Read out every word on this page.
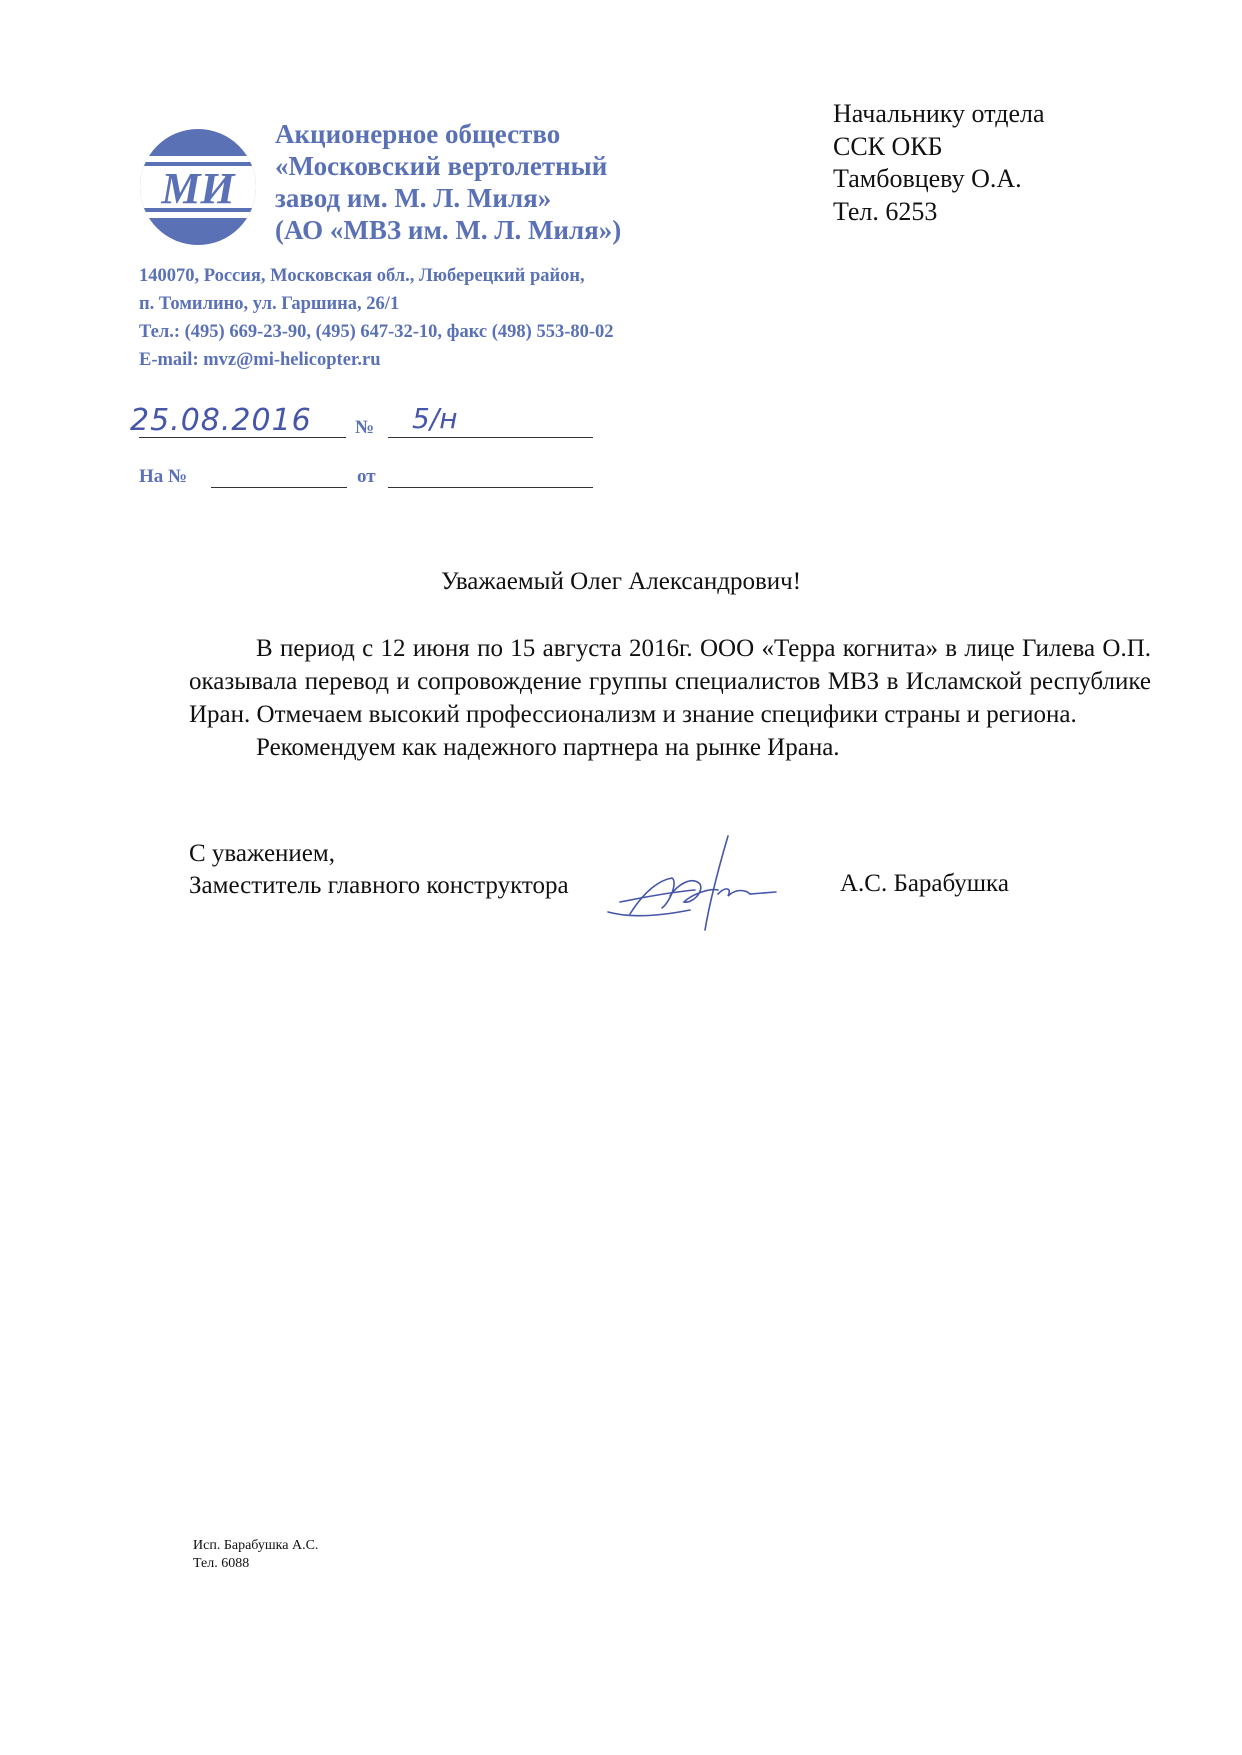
МИ
Акционерное общество
«Московский вертолетный
завод им. М. Л. Миля»
(АО «МВЗ им. М. Л. Миля»)
140070, Россия, Московская обл., Люберецкий район,
п. Томилино, ул. Гаршина, 26/1
Тел.: (495) 669-23-90, (495) 647-32-10, факс (498) 553-80-02
E-mail: mvz@mi-helicopter.ru
25.08.2016 № 5/н
На №	от
Начальнику отдела
ССК ОКБ
Тамбовцеву О.А.
Тел. 6253
Уважаемый Олег Александрович!

В период с 12 июня по 15 августа 2016г. ООО «Терра когнита» в лице Гилева О.П. оказывала перевод и сопровождение группы специалистов МВЗ в Исламской республике Иран. Отмечаем высокий профессионализм и знание специфики страны и региона.

Рекомендуем как надежного партнера на рынке Ирана.

С уважением,
Заместитель главного конструктора	А.С. Барабушка
Исп. Барабушка А.С.
Тел. 6088
